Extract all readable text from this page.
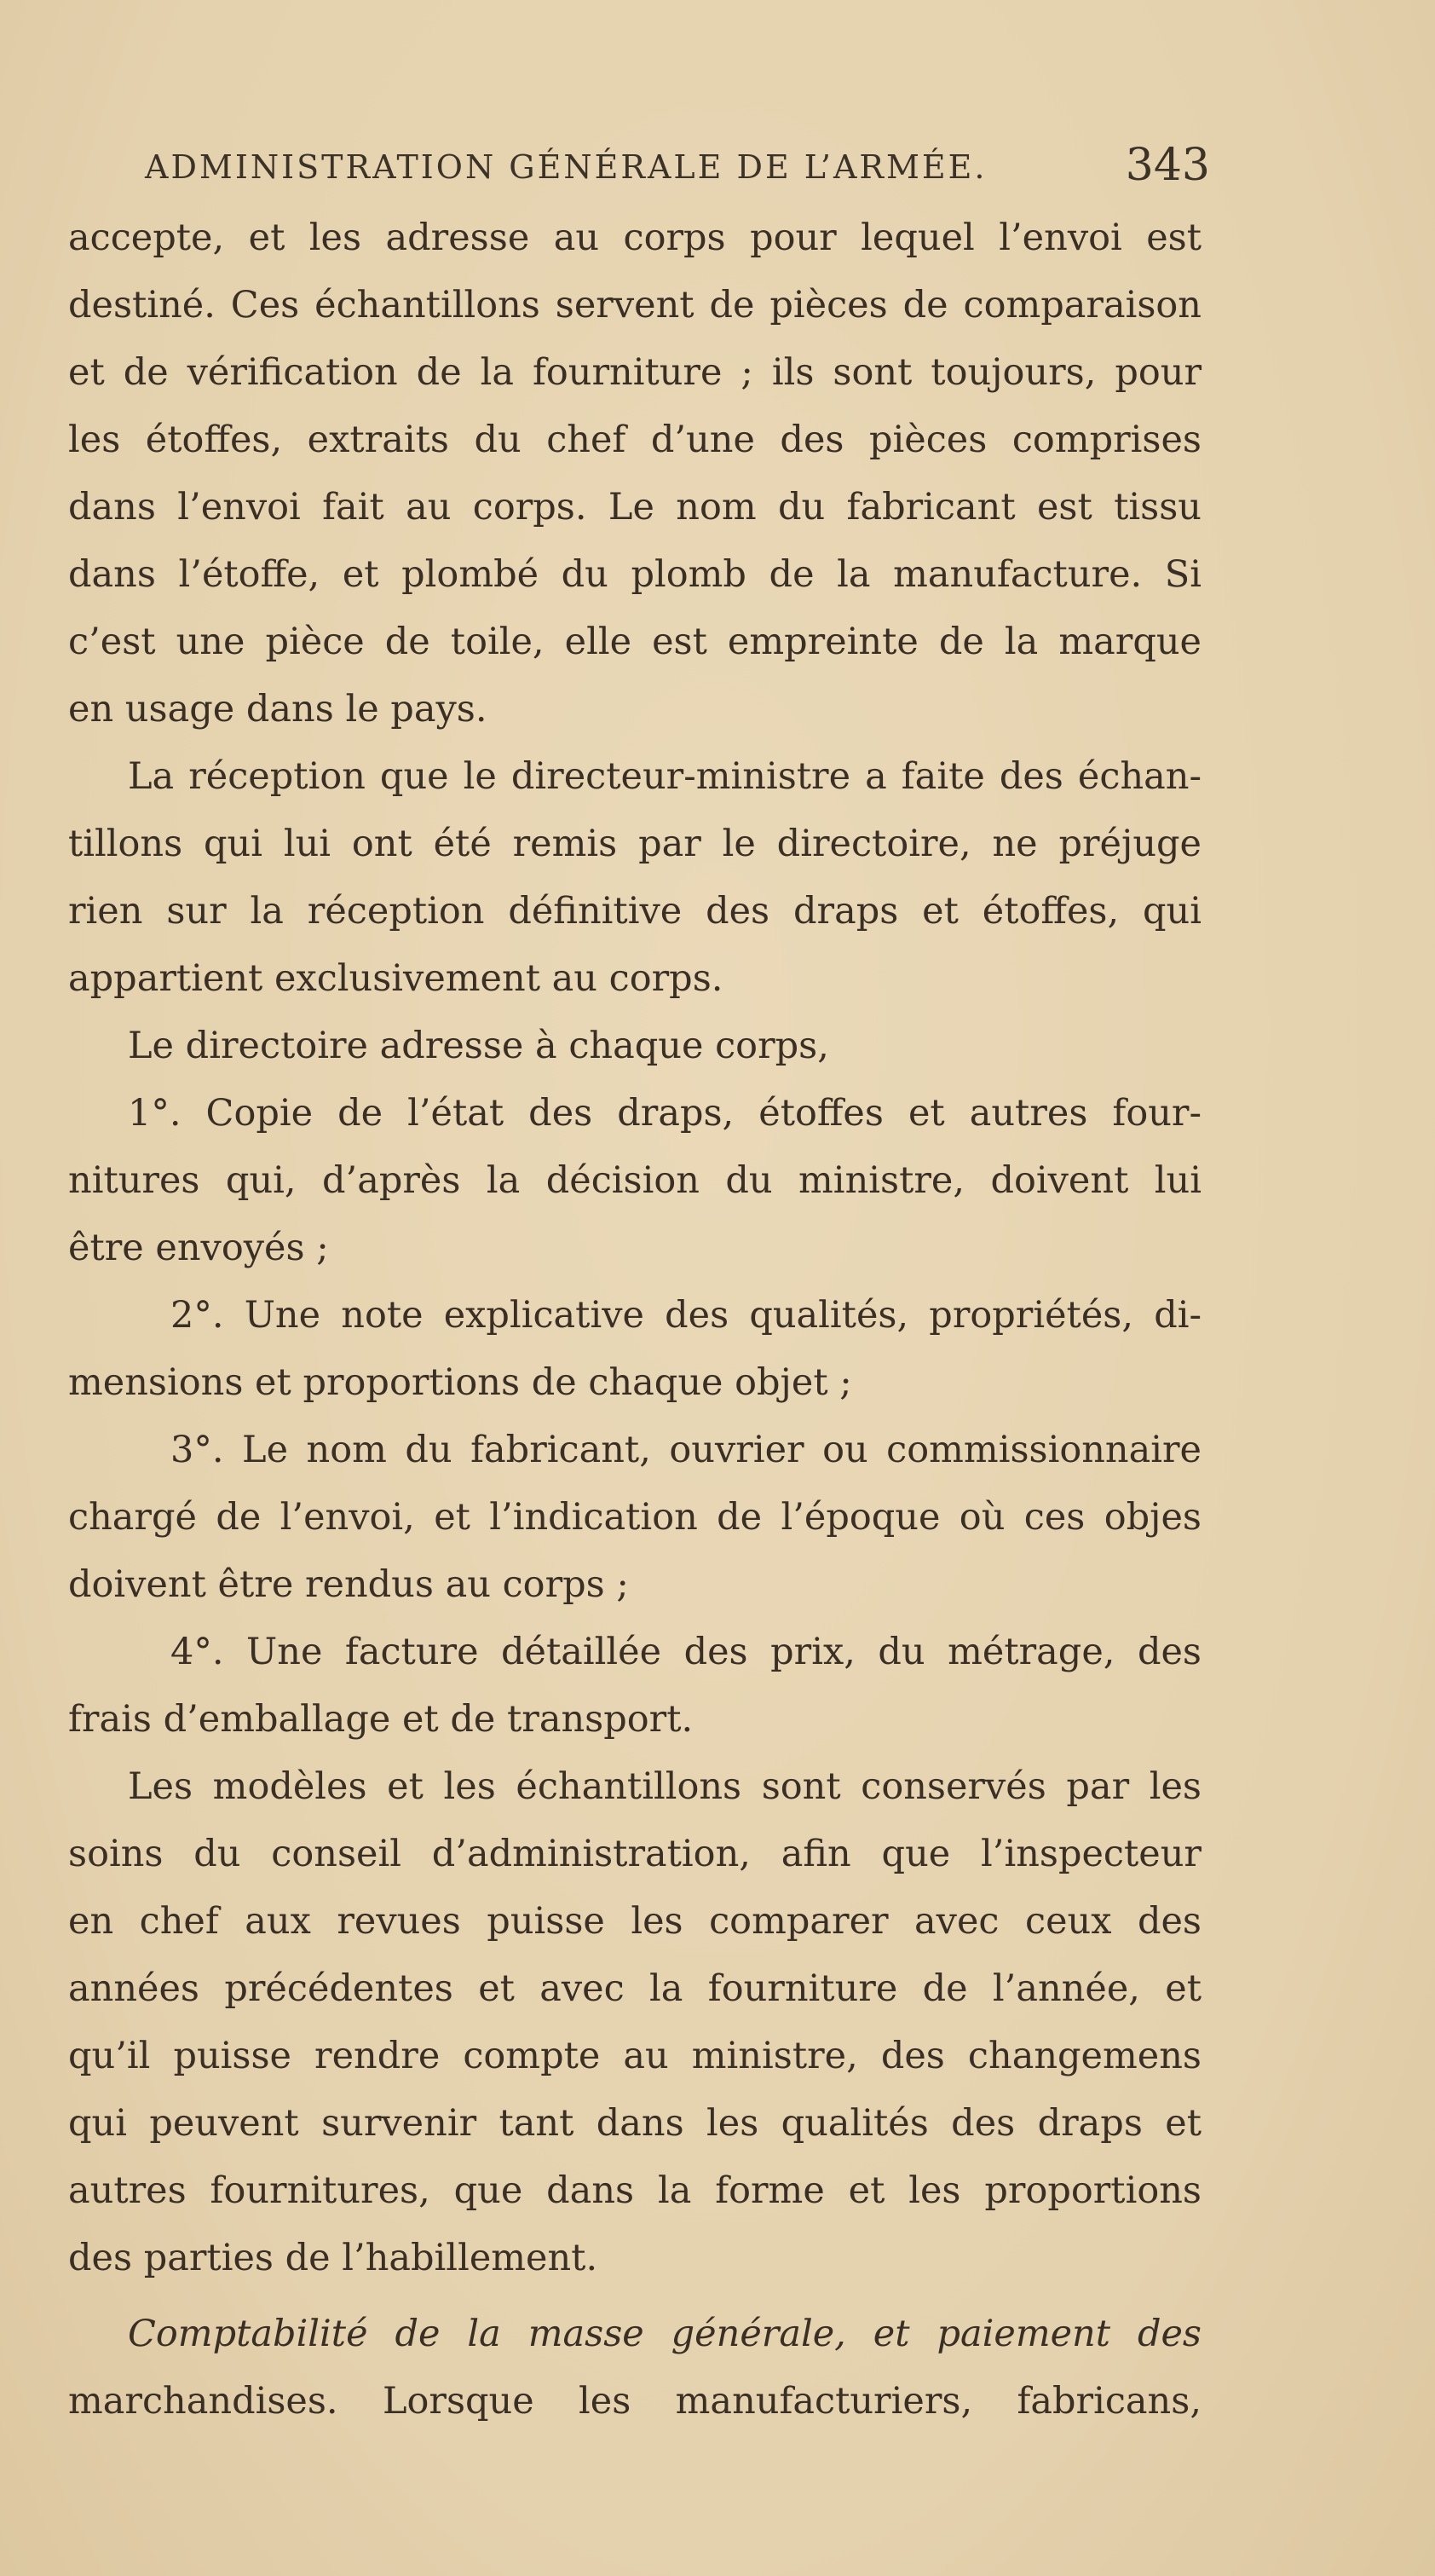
ADMINISTRATION GÉNÉRALE DE L’ARMÉE.	343
accepte, et les adresse au corps pour lequel l’envoi est
destiné. Ces échantillons servent de pièces de comparaison
et de vérification de la fourniture ; ils sont toujours, pour
les étoffes, extraits du chef d’une des pièces comprises
dans l’envoi fait au corps. Le nom du fabricant est tissu
dans l’étoffe, et plombé du plomb de la manufacture. Si
c’est une pièce de toile, elle est empreinte de la marque
en usage dans le pays.
La réception que le directeur-ministre a faite des échan-
tillons qui lui ont été remis par le directoire, ne préjuge
rien sur la réception définitive des draps et étoffes, qui
appartient exclusivement au corps.
Le directoire adresse à chaque corps,
1°. Copie de l’état des draps, étoffes et autres four-
nitures qui, d’après la décision du ministre, doivent lui
être envoyés ;
2°. Une note explicative des qualités, propriétés, di-
mensions et proportions de chaque objet ;
3°. Le nom du fabricant, ouvrier ou commissionnaire
chargé de l’envoi, et l’indication de l’époque où ces objes
doivent être rendus au corps ;
4°. Une facture détaillée des prix, du métrage, des
frais d’emballage et de transport.
Les modèles et les échantillons sont conservés par les
soins du conseil d’administration, afin que l’inspecteur
en chef aux revues puisse les comparer avec ceux des
années précédentes et avec la fourniture de l’année, et
qu’il puisse rendre compte au ministre, des changemens
qui peuvent survenir tant dans les qualités des draps et
autres fournitures, que dans la forme et les proportions
des parties de l’habillement.
Comptabilité de la masse générale, et paiement des
marchandises. Lorsque les manufacturiers, fabricans,
